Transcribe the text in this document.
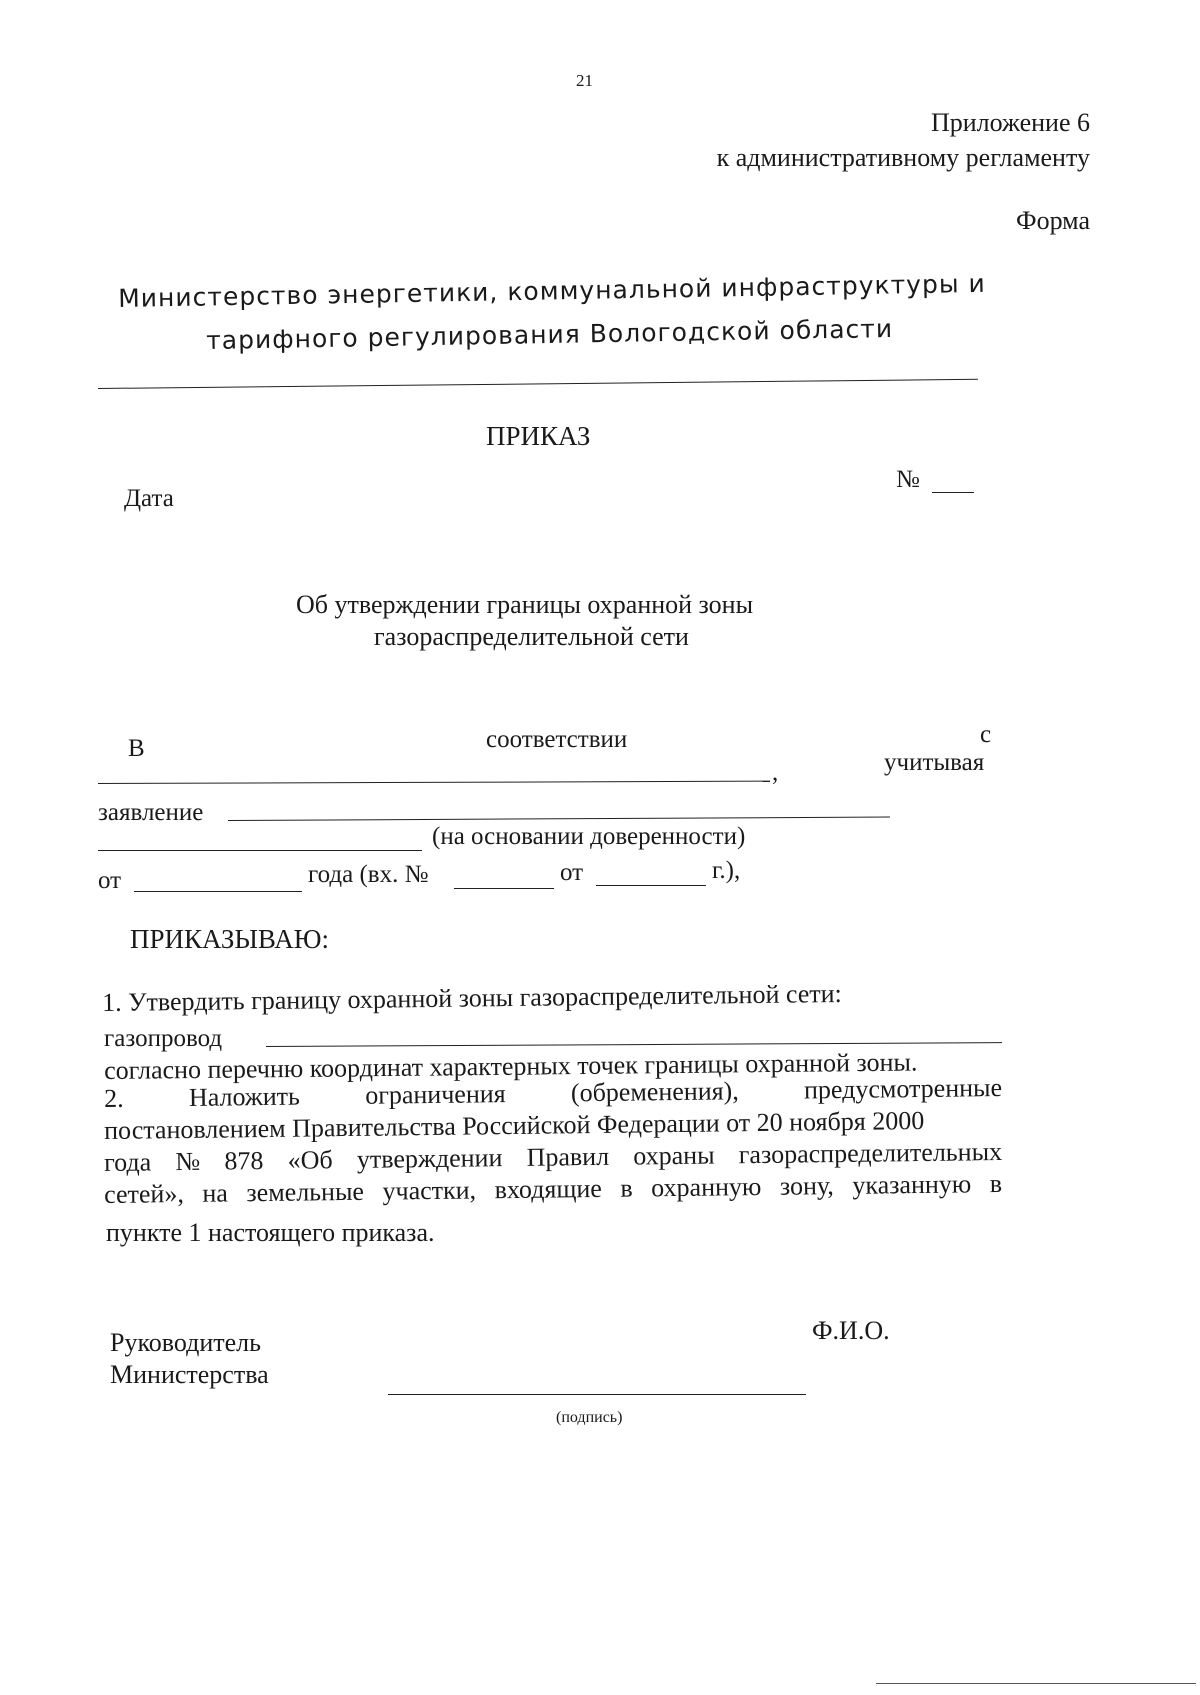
21
Приложение 6
к административному регламенту
Форма
Министерство энергетики, коммунальной инфраструктуры и
тарифного регулирования Вологодской области
ПРИКАЗ
№
Дата
Об утверждении границы охранной зоны
газораспределительной сети
В	соответствии	с
,	учитывая
заявление
(на основании доверенности)
от	года (вх. №	от	г.),
ПРИКАЗЫВАЮ:
1. Утвердить границу охранной зоны газораспределительной сети:
газопровод
согласно перечню координат характерных точек границы охранной зоны.
2. Наложить ограничения (обременения), предусмотренные
постановлением Правительства Российской Федерации от 20 ноября 2000
года № 878 «Об утверждении Правил охраны газораспределительных
сетей», на земельные участки, входящие в охранную зону, указанную в
пункте 1 настоящего приказа.
Руководитель
Министерства
Ф.И.О.
(подпись)
